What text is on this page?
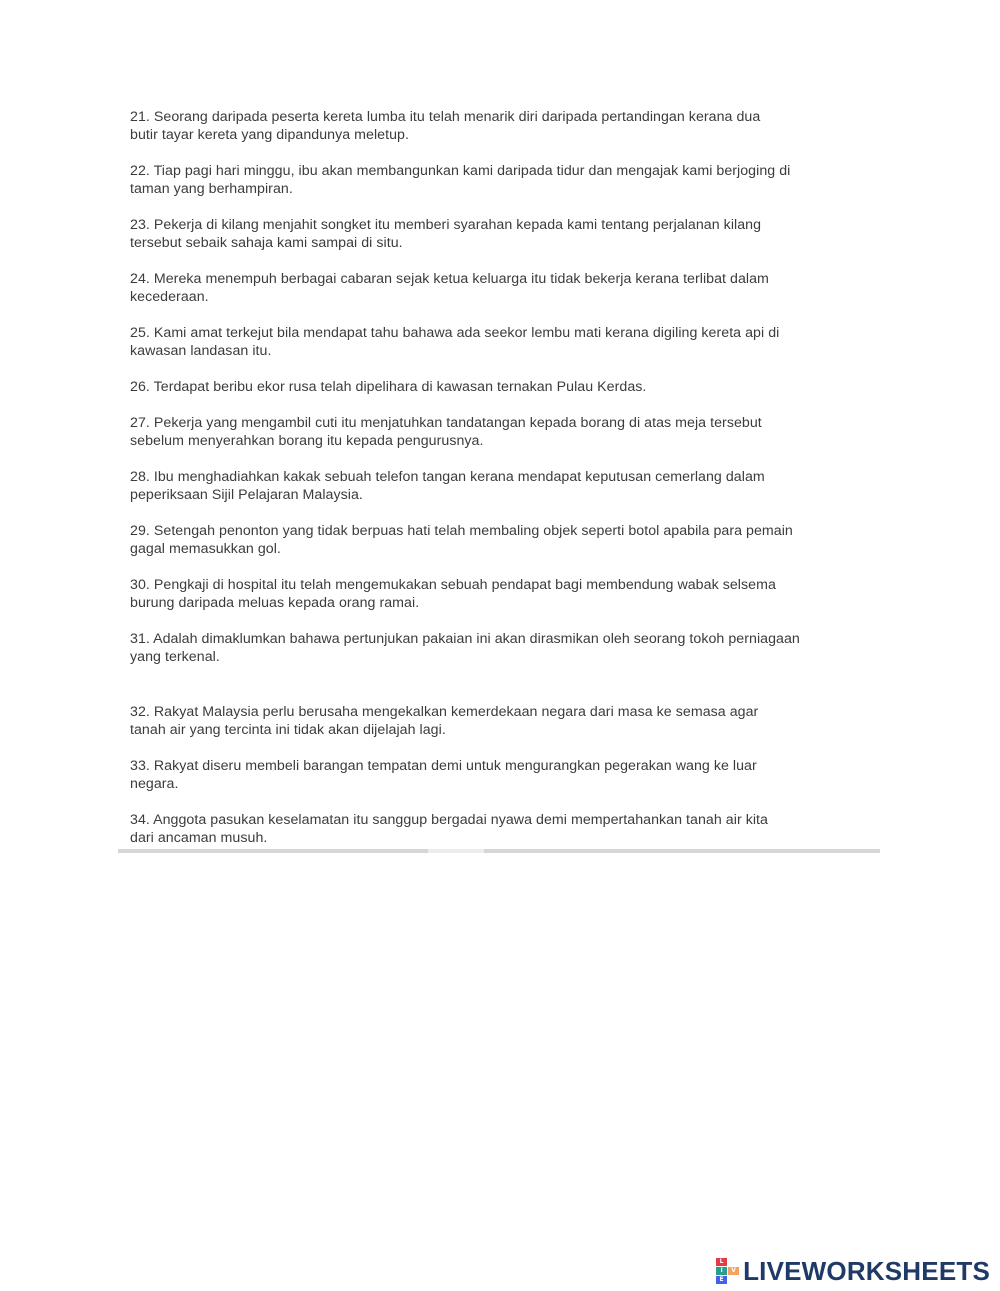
21. Seorang daripada peserta kereta lumba itu telah menarik diri daripada pertandingan kerana dua
butir tayar kereta yang dipandunya meletup.
22. Tiap pagi hari minggu, ibu akan membangunkan kami daripada tidur dan mengajak kami berjoging di
taman yang berhampiran.
23. Pekerja di kilang menjahit songket itu memberi syarahan kepada kami tentang perjalanan kilang
tersebut sebaik sahaja kami sampai di situ.
24. Mereka menempuh berbagai cabaran sejak ketua keluarga itu tidak bekerja kerana terlibat dalam
kecederaan.
25. Kami amat terkejut bila mendapat tahu bahawa ada seekor lembu mati kerana digiling kereta api di
kawasan landasan itu.
26. Terdapat beribu ekor rusa telah dipelihara di kawasan ternakan Pulau Kerdas.
27. Pekerja yang mengambil cuti itu menjatuhkan tandatangan kepada borang di atas meja tersebut
sebelum menyerahkan borang itu kepada pengurusnya.
28. Ibu menghadiahkan kakak sebuah telefon tangan kerana mendapat keputusan cemerlang dalam
peperiksaan Sijil Pelajaran Malaysia.
29. Setengah penonton yang tidak berpuas hati telah membaling objek seperti botol apabila para pemain
gagal memasukkan gol.
30. Pengkaji di hospital itu telah mengemukakan sebuah pendapat bagi membendung wabak selsema
burung daripada meluas kepada orang ramai.
31. Adalah dimaklumkan bahawa pertunjukan pakaian ini akan dirasmikan oleh seorang tokoh perniagaan
yang terkenal.
32. Rakyat Malaysia perlu berusaha mengekalkan kemerdekaan negara dari masa ke semasa agar
tanah air yang tercinta ini tidak akan dijelajah lagi.
33. Rakyat diseru membeli barangan tempatan demi untuk mengurangkan pegerakan wang ke luar
negara.
34. Anggota pasukan keselamatan itu sanggup bergadai nyawa demi mempertahankan tanah air kita
dari ancaman musuh.
L
I	V
E LIVEWORKSHEETS
